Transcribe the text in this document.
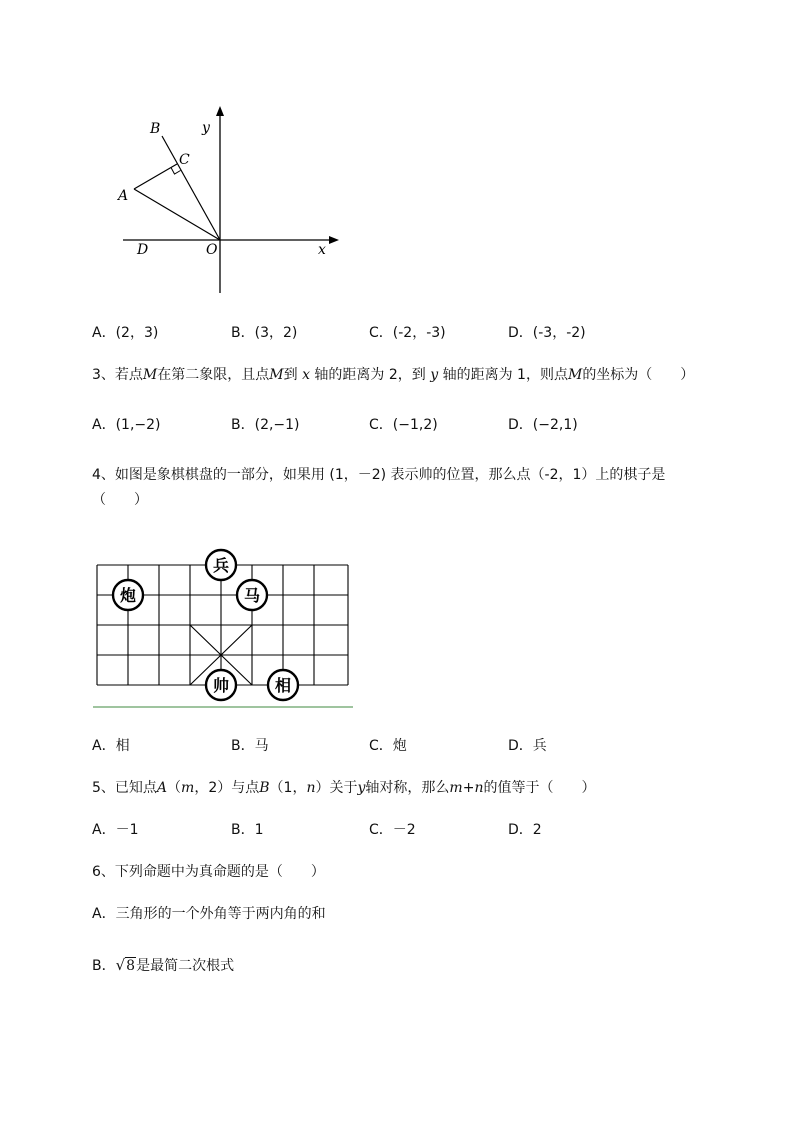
B
C
y
A
D	O	x
A．(2，3)	B．(3，2)	C．(-2，-3)	D．(-3，-2)
3、若点M在第二象限，且点M到 x 轴的距离为 2，到 y 轴的距离为 1，则点M的坐标为（　　）
A．(1,−2)	B．(2,−1)	C．(−1,2)	D．(−2,1)
4、如图是象棋棋盘的一部分，如果用 (1，－2) 表示帅的位置，那么点（-2，1）上的棋子是
（　　）
兵
炮	马
帅	相
A．相	B．马	C．炮	D．兵
5、已知点A（m，2）与点B（1，n）关于y轴对称，那么m+n的值等于（　　）
A．－1	B．1	C．－2	D．2
6、下列命题中为真命题的是（　　）
A．三角形的一个外角等于两内角的和
B．√8是最简二次根式
